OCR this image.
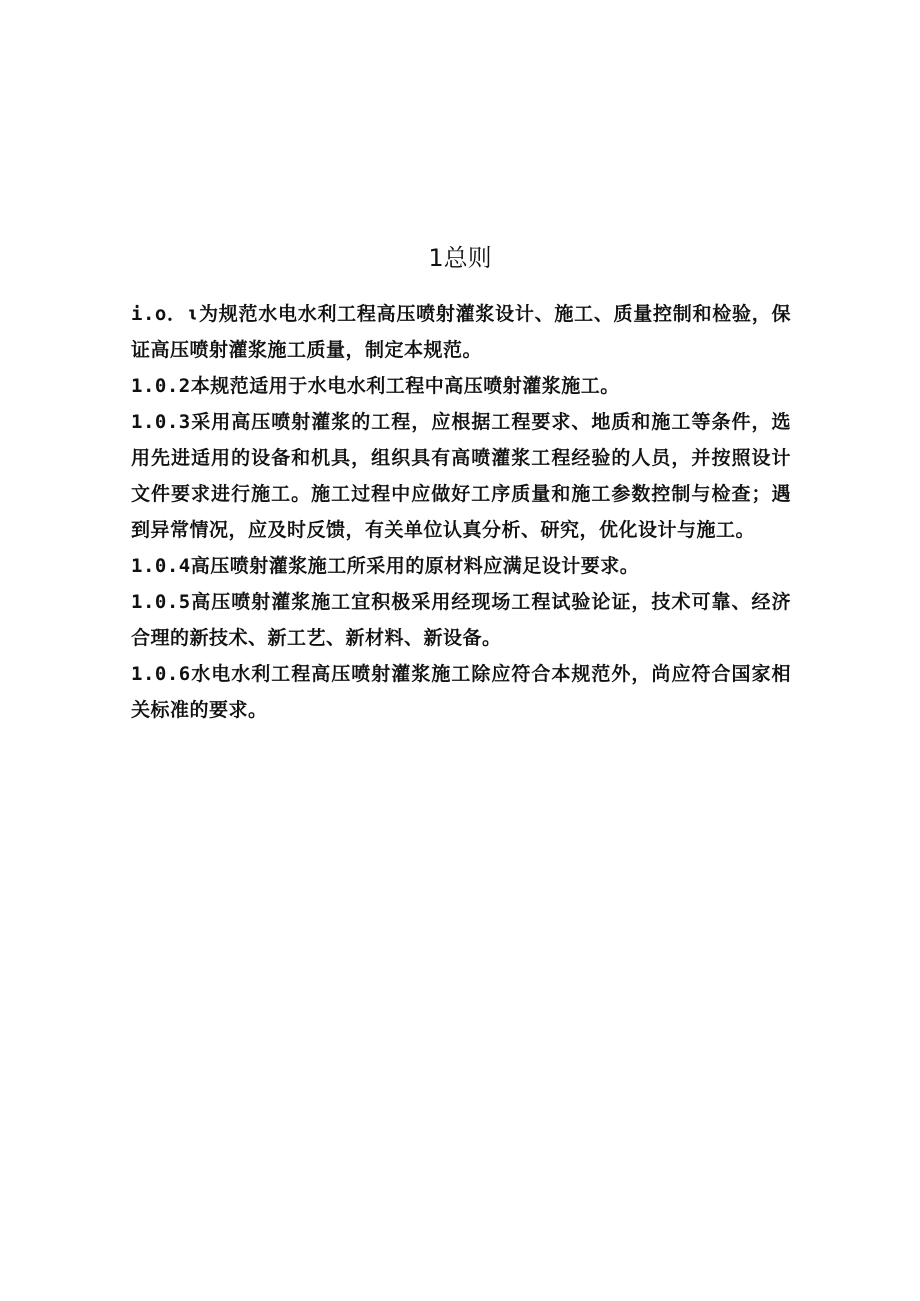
1总则

i.o．ι为规范水电水利工程高压喷射灌浆设计、施工、质量控制和检验，保证高压喷射灌浆施工质量，制定本规范。

1.0.2本规范适用于水电水利工程中高压喷射灌浆施工。

1.0.3采用高压喷射灌浆的工程，应根据工程要求、地质和施工等条件，选用先进适用的设备和机具，组织具有高喷灌浆工程经验的人员，并按照设计文件要求进行施工。施工过程中应做好工序质量和施工参数控制与检查；遇到异常情况，应及时反馈，有关单位认真分析、研究，优化设计与施工。

1.0.4高压喷射灌浆施工所采用的原材料应满足设计要求。

1.0.5高压喷射灌浆施工宜积极采用经现场工程试验论证，技术可靠、经济合理的新技术、新工艺、新材料、新设备。

1.0.6水电水利工程高压喷射灌浆施工除应符合本规范外，尚应符合国家相关标准的要求。
